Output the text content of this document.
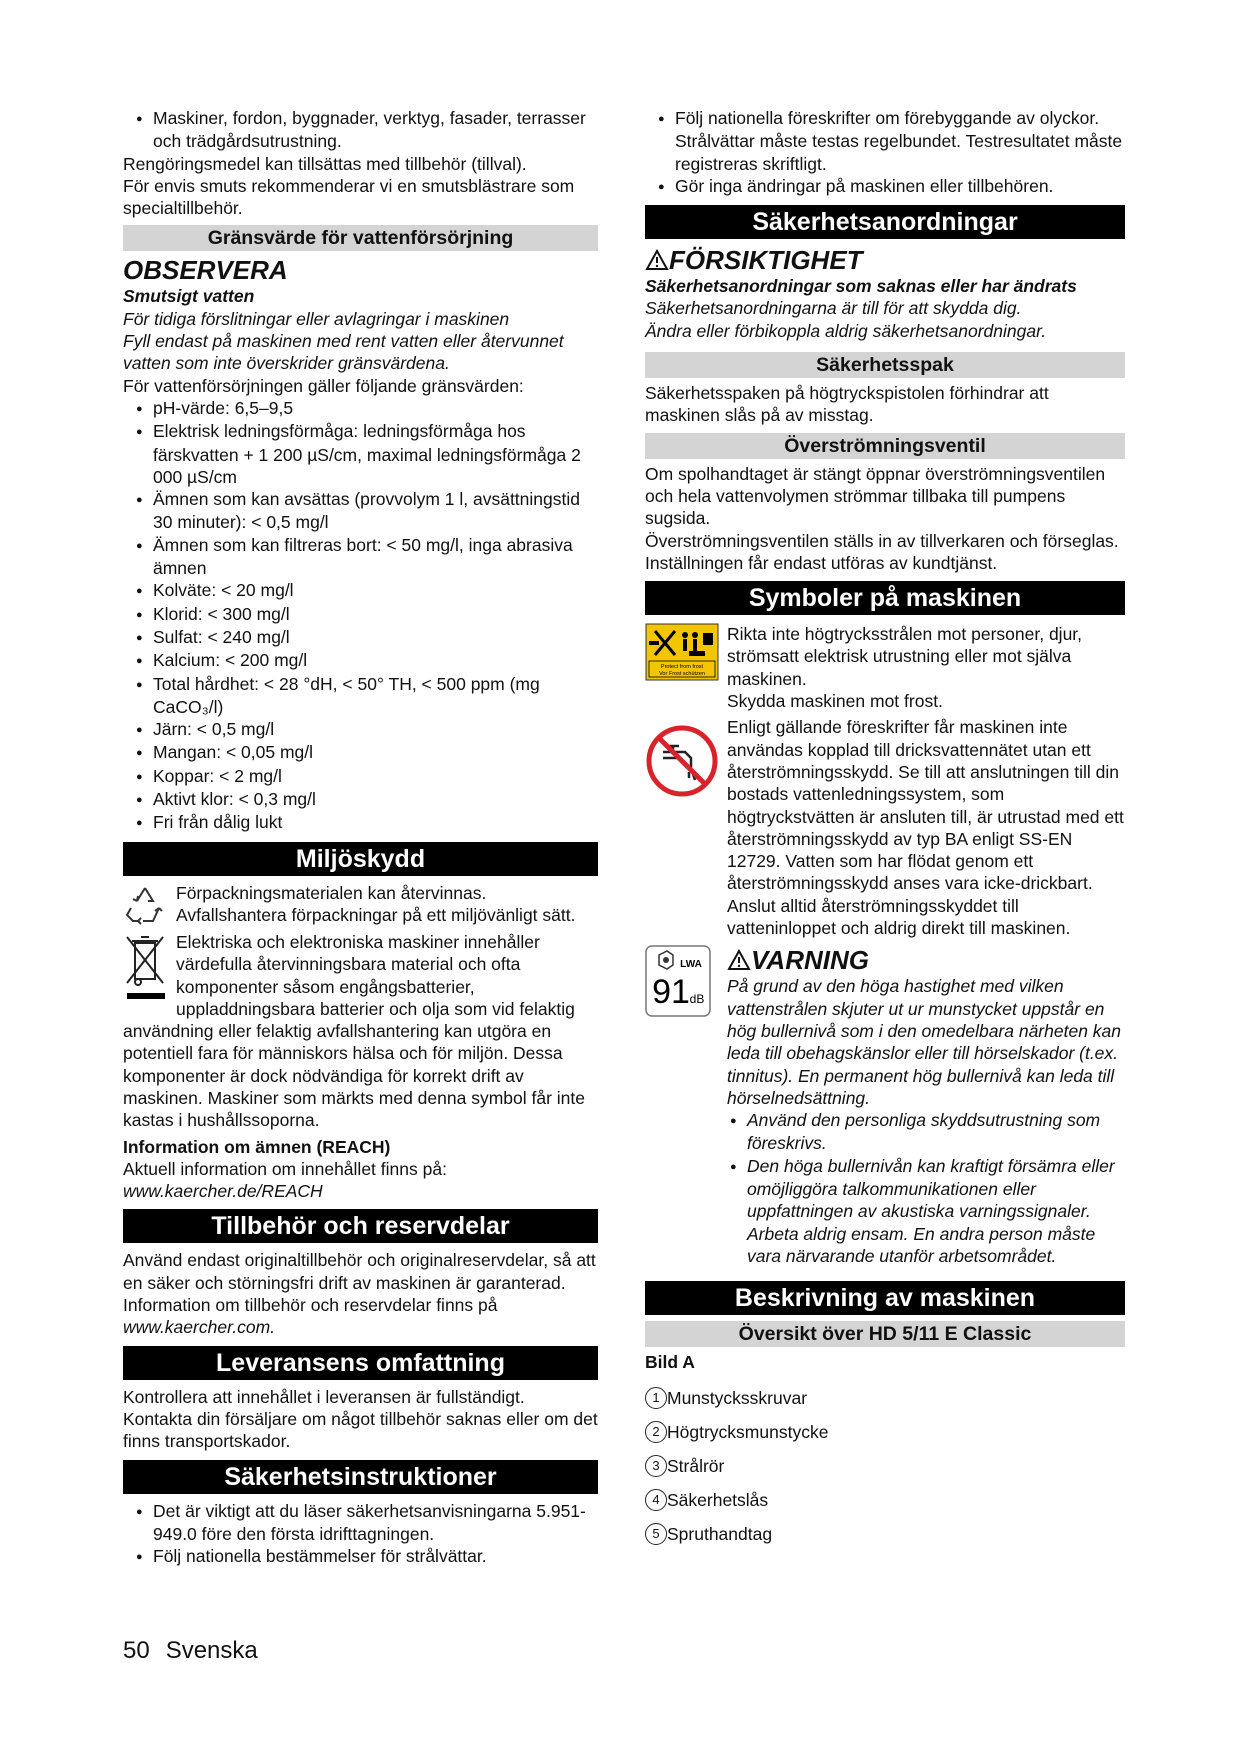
● Maskiner, fordon, byggnader, verktyg, fasader, terrasser och trädgårdsutrustning.

Rengöringsmedel kan tillsättas med tillbehör (tillval).

För envis smuts rekommenderar vi en smutsblästrare som specialtillbehör.

Gränsvärde för vattenförsörjning
OBSERVERA

Smutsigt vatten

För tidiga förslitningar eller avlagringar i maskinen

Fyll endast på maskinen med rent vatten eller återvunnet vatten som inte överskrider gränsvärdena.

För vattenförsörjningen gäller följande gränsvärden:

● pH-värde: 6,5–9,5

● Elektrisk ledningsförmåga: ledningsförmåga hos färskvatten + 1 200 µS/cm, maximal ledningsförmåga 2 000 µS/cm

● Ämnen som kan avsättas (provvolym 1 l, avsättningstid 30 minuter): < 0,5 mg/l

● Ämnen som kan filtreras bort: < 50 mg/l, inga abrasiva ämnen

● Kolväte: < 20 mg/l

● Klorid: < 300 mg/l

● Sulfat: < 240 mg/l

● Kalcium: < 200 mg/l

● Total hårdhet: < 28 °dH, < 50° TH, < 500 ppm (mg CaCO₃/l)

● Järn: < 0,5 mg/l

● Mangan: < 0,05 mg/l

● Koppar: < 2 mg/l

● Aktivt klor: < 0,3 mg/l

● Fri från dålig lukt

Miljöskydd

Förpackningsmaterialen kan återvinnas. Avfallshantera förpackningar på ett miljövänligt sätt.

Elektriska och elektroniska maskiner innehåller värdefulla återvinningsbara material och ofta komponenter såsom engångsbatterier, uppladdningsbara batterier och olja som vid felaktig användning eller felaktig avfallshantering kan utgöra en potentiell fara för människors hälsa och för miljön. Dessa komponenter är dock nödvändiga för korrekt drift av maskinen. Maskiner som märkts med denna symbol får inte kastas i hushållssoporna.

Information om ämnen (REACH)

Aktuell information om innehållet finns på: www.kaercher.de/REACH

Tillbehör och reservdelar

Använd endast originaltillbehör och originalreservdelar, så att en säker och störningsfri drift av maskinen är garanterad.

Information om tillbehör och reservdelar finns på www.kaercher.com.

Leveransens omfattning

Kontrollera att innehållet i leveransen är fullständigt. Kontakta din försäljare om något tillbehör saknas eller om det finns transportskador.

Säkerhetsinstruktioner

● Det är viktigt att du läser säkerhetsanvisningarna 5.951-949.0 före den första idrifttagningen.

● Följ nationella bestämmelser för strålvättar.

● Följ nationella föreskrifter om förebyggande av olyckor. Strålvättar måste testas regelbundet. Testresultatet måste registreras skriftligt.

● Gör inga ändringar på maskinen eller tillbehören.

Säkerhetsanordningar
FÖRSIKTIGHET

Säkerhetsanordningar som saknas eller har ändrats

Säkerhetsanordningarna är till för att skydda dig.

Ändra eller förbikoppla aldrig säkerhetsanordningar.

Säkerhetsspak

Säkerhetsspaken på högtryckspistolen förhindrar att maskinen slås på av misstag.

Överströmningsventil

Om spolhandtaget är stängt öppnar överströmningsventilen och hela vattenvolymen strömmar tillbaka till pumpens sugsida.

Överströmningsventilen ställs in av tillverkaren och förseglas. Inställningen får endast utföras av kundtjänst.

Symboler på maskinen
Protect from frost
Vor Frost schützen

Rikta inte högtrycksstrålen mot personer, djur, strömsatt elektrisk utrustning eller mot själva maskinen.

Skydda maskinen mot frost.

Enligt gällande föreskrifter får maskinen inte användas kopplad till dricksvattennätet utan ett återströmningsskydd. Se till att anslutningen till din bostads vattenledningssystem, som högtryckstvätten är ansluten till, är utrustad med ett återströmningsskydd av typ BA enligt SS-EN 12729. Vatten som har flödat genom ett återströmningsskydd anses vara icke-drickbart. Anslut alltid återströmningsskyddet till vatteninloppet och aldrig direkt till maskinen.

LWA
91 dB
VARNING

På grund av den höga hastighet med vilken vattenstrålen skjuter ut ur munstycket uppstår en hög bullernivå som i den omedelbara närheten kan leda till obehagskänslor eller till hörselskador (t.ex. tinnitus). En permanent hög bullernivå kan leda till hörselnedsättning.

● Använd den personliga skyddsutrustning som föreskrivs.

● Den höga bullernivån kan kraftigt försämra eller omöjliggöra talkommunikationen eller uppfattningen av akustiska varningssignaler. Arbeta aldrig ensam. En andra person måste vara närvarande utanför arbetsområdet.

Beskrivning av maskinen
Översikt över HD 5/11 E Classic

Bild A

1 Munstycksskruvar
2 Högtrycksmunstycke
3 Strålrör
4 Säkerhetslås
5 Spruthandtag
50 Svenska
